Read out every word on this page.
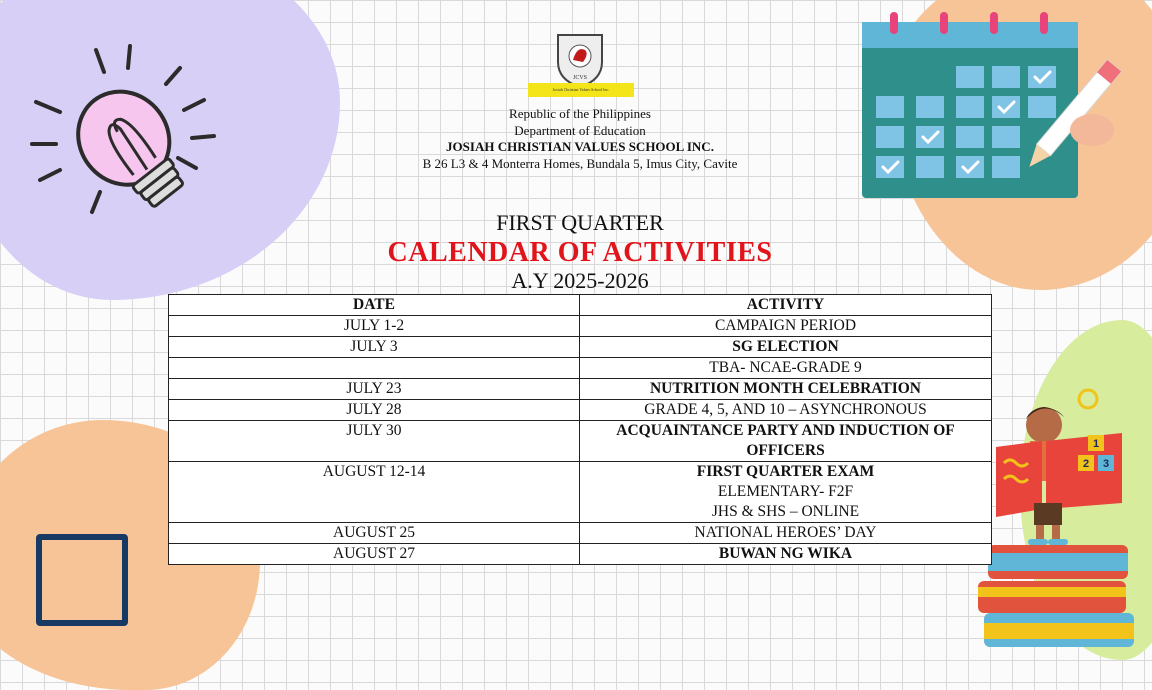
1
2 3
JCVS
Josiah Christian Values School Inc.
Republic of the Philippines
Department of Education
JOSIAH CHRISTIAN VALUES SCHOOL INC.
B 26 L3 & 4 Monterra Homes, Bundala 5, Imus City, Cavite
FIRST QUARTER
CALENDAR OF ACTIVITIES
A.Y 2025-2026
DATE	ACTIVITY
JULY 1-2	CAMPAIGN PERIOD
JULY 3	SG ELECTION
	TBA- NCAE-GRADE 9
JULY 23	NUTRITION MONTH CELEBRATION
JULY 28	GRADE 4, 5, AND 10 – ASYNCHRONOUS
JULY 30	ACQUAINTANCE PARTY AND INDUCTION OF OFFICERS
AUGUST 12-14	FIRST QUARTER EXAM
ELEMENTARY- F2F
JHS & SHS – ONLINE

AUGUST 25	NATIONAL HEROES’ DAY
AUGUST 27	BUWAN NG WIKA
